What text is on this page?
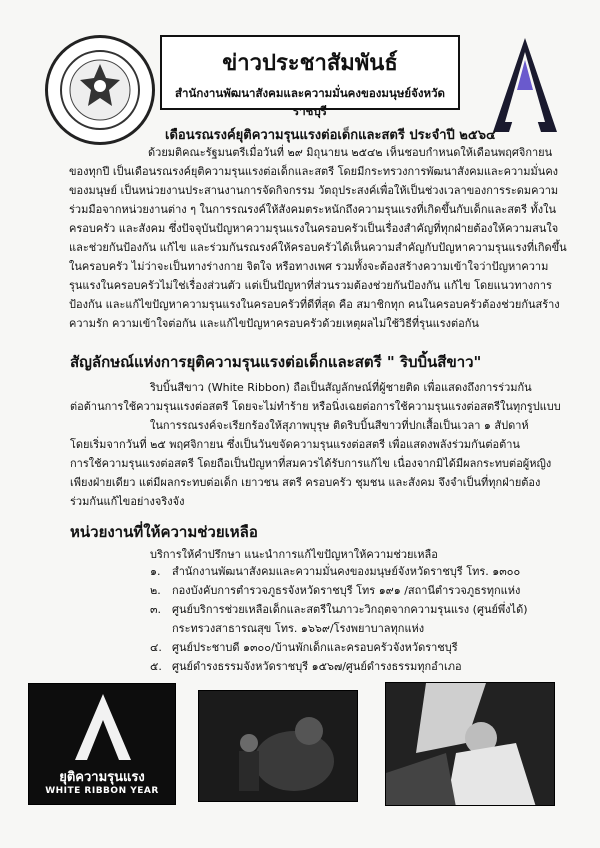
ข่าวประชาสัมพันธ์
สำนักงานพัฒนาสังคมและความมั่นคงของมนุษย์จังหวัดราชบุรี
เดือนรณรงค์ยุติความรุนแรงต่อเด็กและสตรี ประจำปี ๒๕๖๔
ด้วยมติคณะรัฐมนตรีเมื่อวันที่ ๒๙ มิถุนายน ๒๕๔๒ เห็นชอบกำหนดให้เดือนพฤศจิกายน
ของทุกปี เป็นเดือนรณรงค์ยุติความรุนแรงต่อเด็กและสตรี โดยมีกระทรวงการพัฒนาสังคมและความมั่นคง
ของมนุษย์ เป็นหน่วยงานประสานงานการจัดกิจกรรม วัตถุประสงค์เพื่อให้เป็นช่วงเวลาของการระดมความ
ร่วมมือจากหน่วยงานต่าง ๆ ในการรณรงค์ให้สังคมตระหนักถึงความรุนแรงที่เกิดขึ้นกับเด็กและสตรี ทั้งใน
ครอบครัว และสังคม ซึ่งปัจจุบันปัญหาความรุนแรงในครอบครัวเป็นเรื่องสำคัญที่ทุกฝ่ายต้องให้ความสนใจ
และช่วยกันป้องกัน แก้ไข และร่วมกันรณรงค์ให้ครอบครัวได้เห็นความสำคัญกับปัญหาความรุนแรงที่เกิดขึ้น
ในครอบครัว ไม่ว่าจะเป็นทางร่างกาย จิตใจ หรือทางเพศ รวมทั้งจะต้องสร้างความเข้าใจว่าปัญหาความ
รุนแรงในครอบครัวไม่ใช่เรื่องส่วนตัว แต่เป็นปัญหาที่ส่วนรวมต้องช่วยกันป้องกัน แก้ไข โดยแนวทางการ
ป้องกัน และแก้ไขปัญหาความรุนแรงในครอบครัวที่ดีที่สุด คือ สมาชิกทุก คนในครอบครัวต้องช่วยกันสร้าง
ความรัก ความเข้าใจต่อกัน และแก้ไขปัญหาครอบครัวด้วยเหตุผลไม่ใช้วิธีที่รุนแรงต่อกัน
สัญลักษณ์แห่งการยุติความรุนแรงต่อเด็กและสตรี " ริบบิ้นสีขาว"
ริบบิ้นสีขาว (White Ribbon) ถือเป็นสัญลักษณ์ที่ผู้ชายติด เพื่อแสดงถึงการร่วมกัน
ต่อต้านการใช้ความรุนแรงต่อสตรี โดยจะไม่ทำร้าย หรือนิ่งเฉยต่อการใช้ความรุนแรงต่อสตรีในทุกรูปแบบ
ในการรณรงค์จะเรียกร้องให้สุภาพบุรุษ ติดริบบิ้นสีขาวที่ปกเสื้อเป็นเวลา ๑ สัปดาห์
โดยเริ่มจากวันที่ ๒๕ พฤศจิกายน ซึ่งเป็นวันขจัดความรุนแรงต่อสตรี เพื่อแสดงพลังร่วมกันต่อต้าน
การใช้ความรุนแรงต่อสตรี โดยถือเป็นปัญหาที่สมควรได้รับการแก้ไข เนื่องจากมิได้มีผลกระทบต่อผู้หญิง
เพียงฝ่ายเดียว แต่มีผลกระทบต่อเด็ก เยาวชน สตรี ครอบครัว ชุมชน และสังคม จึงจำเป็นที่ทุกฝ่ายต้อง
ร่วมกันแก้ไขอย่างจริงจัง
หน่วยงานที่ให้ความช่วยเหลือ
บริการให้คำปรึกษา แนะนำการแก้ไขปัญหาให้ความช่วยเหลือ
๑. สำนักงานพัฒนาสังคมและความมั่นคงของมนุษย์จังหวัดราชบุรี โทร. ๑๓๐๐
๒. กองบังคับการตำรวจภูธรจังหวัดราชบุรี โทร ๑๙๑ /สถานีตำรวจภูธรทุกแห่ง
๓. ศูนย์บริการช่วยเหลือเด็กและสตรีในภาวะวิกฤตจากความรุนแรง (ศูนย์พึ่งได้)
กระทรวงสาธารณสุข โทร. ๑๖๖๙/โรงพยาบาลทุกแห่ง
๔. ศูนย์ประชาบดี ๑๓๐๐/บ้านพักเด็กและครอบครัวจังหวัดราชบุรี
๕. ศูนย์ดำรงธรรมจังหวัดราชบุรี ๑๕๖๗/ศูนย์ดำรงธรรมทุกอำเภอ
ยุติความรุนแรง
WHITE RIBBON YEAR
